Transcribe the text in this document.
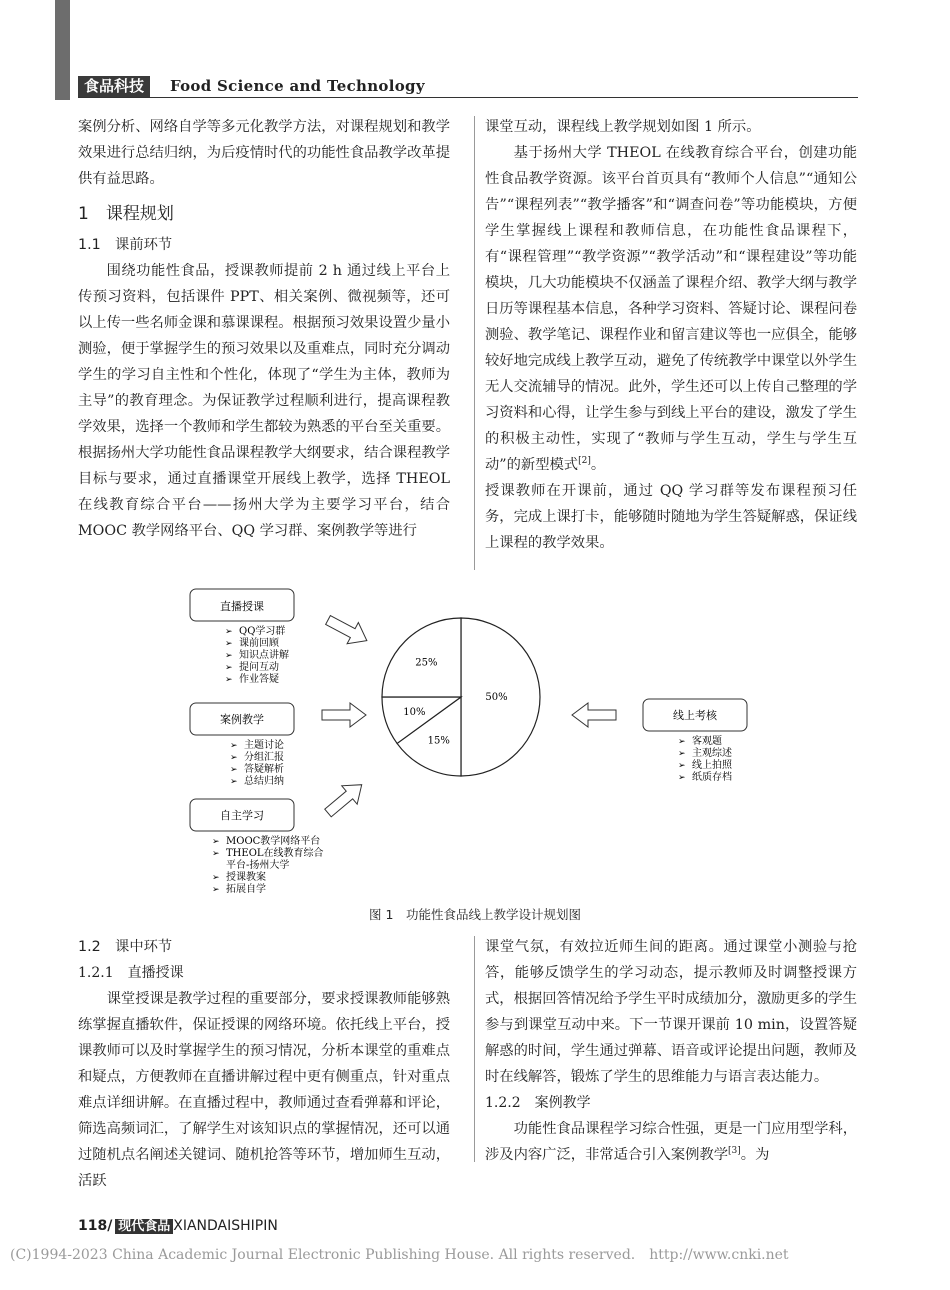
食品科技	Food Science and Technology

案例分析、网络自学等多元化教学方法，对课程规划和教学效果进行总结归纳，为后疫情时代的功能性食品教学改革提供有益思路。

1　课程规划
1.1　课前环节

围绕功能性食品，授课教师提前 2 h 通过线上平台上传预习资料，包括课件 PPT、相关案例、微视频等，还可以上传一些名师金课和慕课课程。根据预习效果设置少量小测验，便于掌握学生的预习效果以及重难点，同时充分调动学生的学习自主性和个性化，体现了“学生为主体，教师为主导”的教育理念。为保证教学过程顺利进行，提高课程教学效果，选择一个教师和学生都较为熟悉的平台至关重要。根据扬州大学功能性食品课程教学大纲要求，结合课程教学目标与要求，通过直播课堂开展线上教学，选择 THEOL 在线教育综合平台——扬州大学为主要学习平台，结合 MOOC 教学网络平台、QQ 学习群、案例教学等进行

课堂互动，课程线上教学规划如图 1 所示。

基于扬州大学 THEOL 在线教育综合平台，创建功能性食品教学资源。该平台首页具有“教师个人信息”“通知公告”“课程列表”“教学播客”和“调查问卷”等功能模块，方便学生掌握线上课程和教师信息，在功能性食品课程下，有“课程管理”“教学资源”“教学活动”和“课程建设”等功能模块，几大功能模块不仅涵盖了课程介绍、教学大纲与教学日历等课程基本信息，各种学习资料、答疑讨论、课程问卷测验、教学笔记、课程作业和留言建议等也一应俱全，能够较好地完成线上教学互动，避免了传统教学中课堂以外学生无人交流辅导的情况。此外，学生还可以上传自己整理的学习资料和心得，让学生参与到线上平台的建设，激发了学生的积极主动性，实现了“教师与学生互动，学生与学生互动”的新型模式[2]。

授课教师在开课前，通过 QQ 学习群等发布课程预习任务，完成上课打卡，能够随时随地为学生答疑解惑，保证线上课程的教学效果。

直播授课
➢ QQ学习群
➢ 课前回顾
➢ 知识点讲解
➢ 提问互动
➢ 作业答疑
案例教学
➢ 主题讨论
➢ 分组汇报
➢ 答疑解析
➢ 总结归纳
自主学习
➢ MOOC教学网络平台
➢ THEOL在线教育综合
平台-扬州大学
➢ 授课教案
➢ 拓展自学
线上考核
➢ 客观题
➢ 主观综述
➢ 线上拍照
➢ 纸质存档
50%
15%
10%
25%
图 1　功能性食品线上教学设计规划图
1.2　课中环节
1.2.1　直播授课

课堂授课是教学过程的重要部分，要求授课教师能够熟练掌握直播软件，保证授课的网络环境。依托线上平台，授课教师可以及时掌握学生的预习情况，分析本课堂的重难点和疑点，方便教师在直播讲解过程中更有侧重点，针对重点难点详细讲解。在直播过程中，教师通过查看弹幕和评论，筛选高频词汇，了解学生对该知识点的掌握情况，还可以通过随机点名阐述关键词、随机抢答等环节，增加师生互动，活跃

课堂气氛，有效拉近师生间的距离。通过课堂小测验与抢答，能够反馈学生的学习动态，提示教师及时调整授课方式，根据回答情况给予学生平时成绩加分，激励更多的学生参与到课堂互动中来。下一节课开课前 10 min，设置答疑解惑的时间，学生通过弹幕、语音或评论提出问题，教师及时在线解答，锻炼了学生的思维能力与语言表达能力。

1.2.2　案例教学

功能性食品课程学习综合性强，更是一门应用型学科，涉及内容广泛，非常适合引入案例教学[3]。为

118/ 现代食品 XIANDAISHIPIN
(C)1994-2023 China Academic Journal Electronic Publishing House. All rights reserved.　http://www.cnki.net
